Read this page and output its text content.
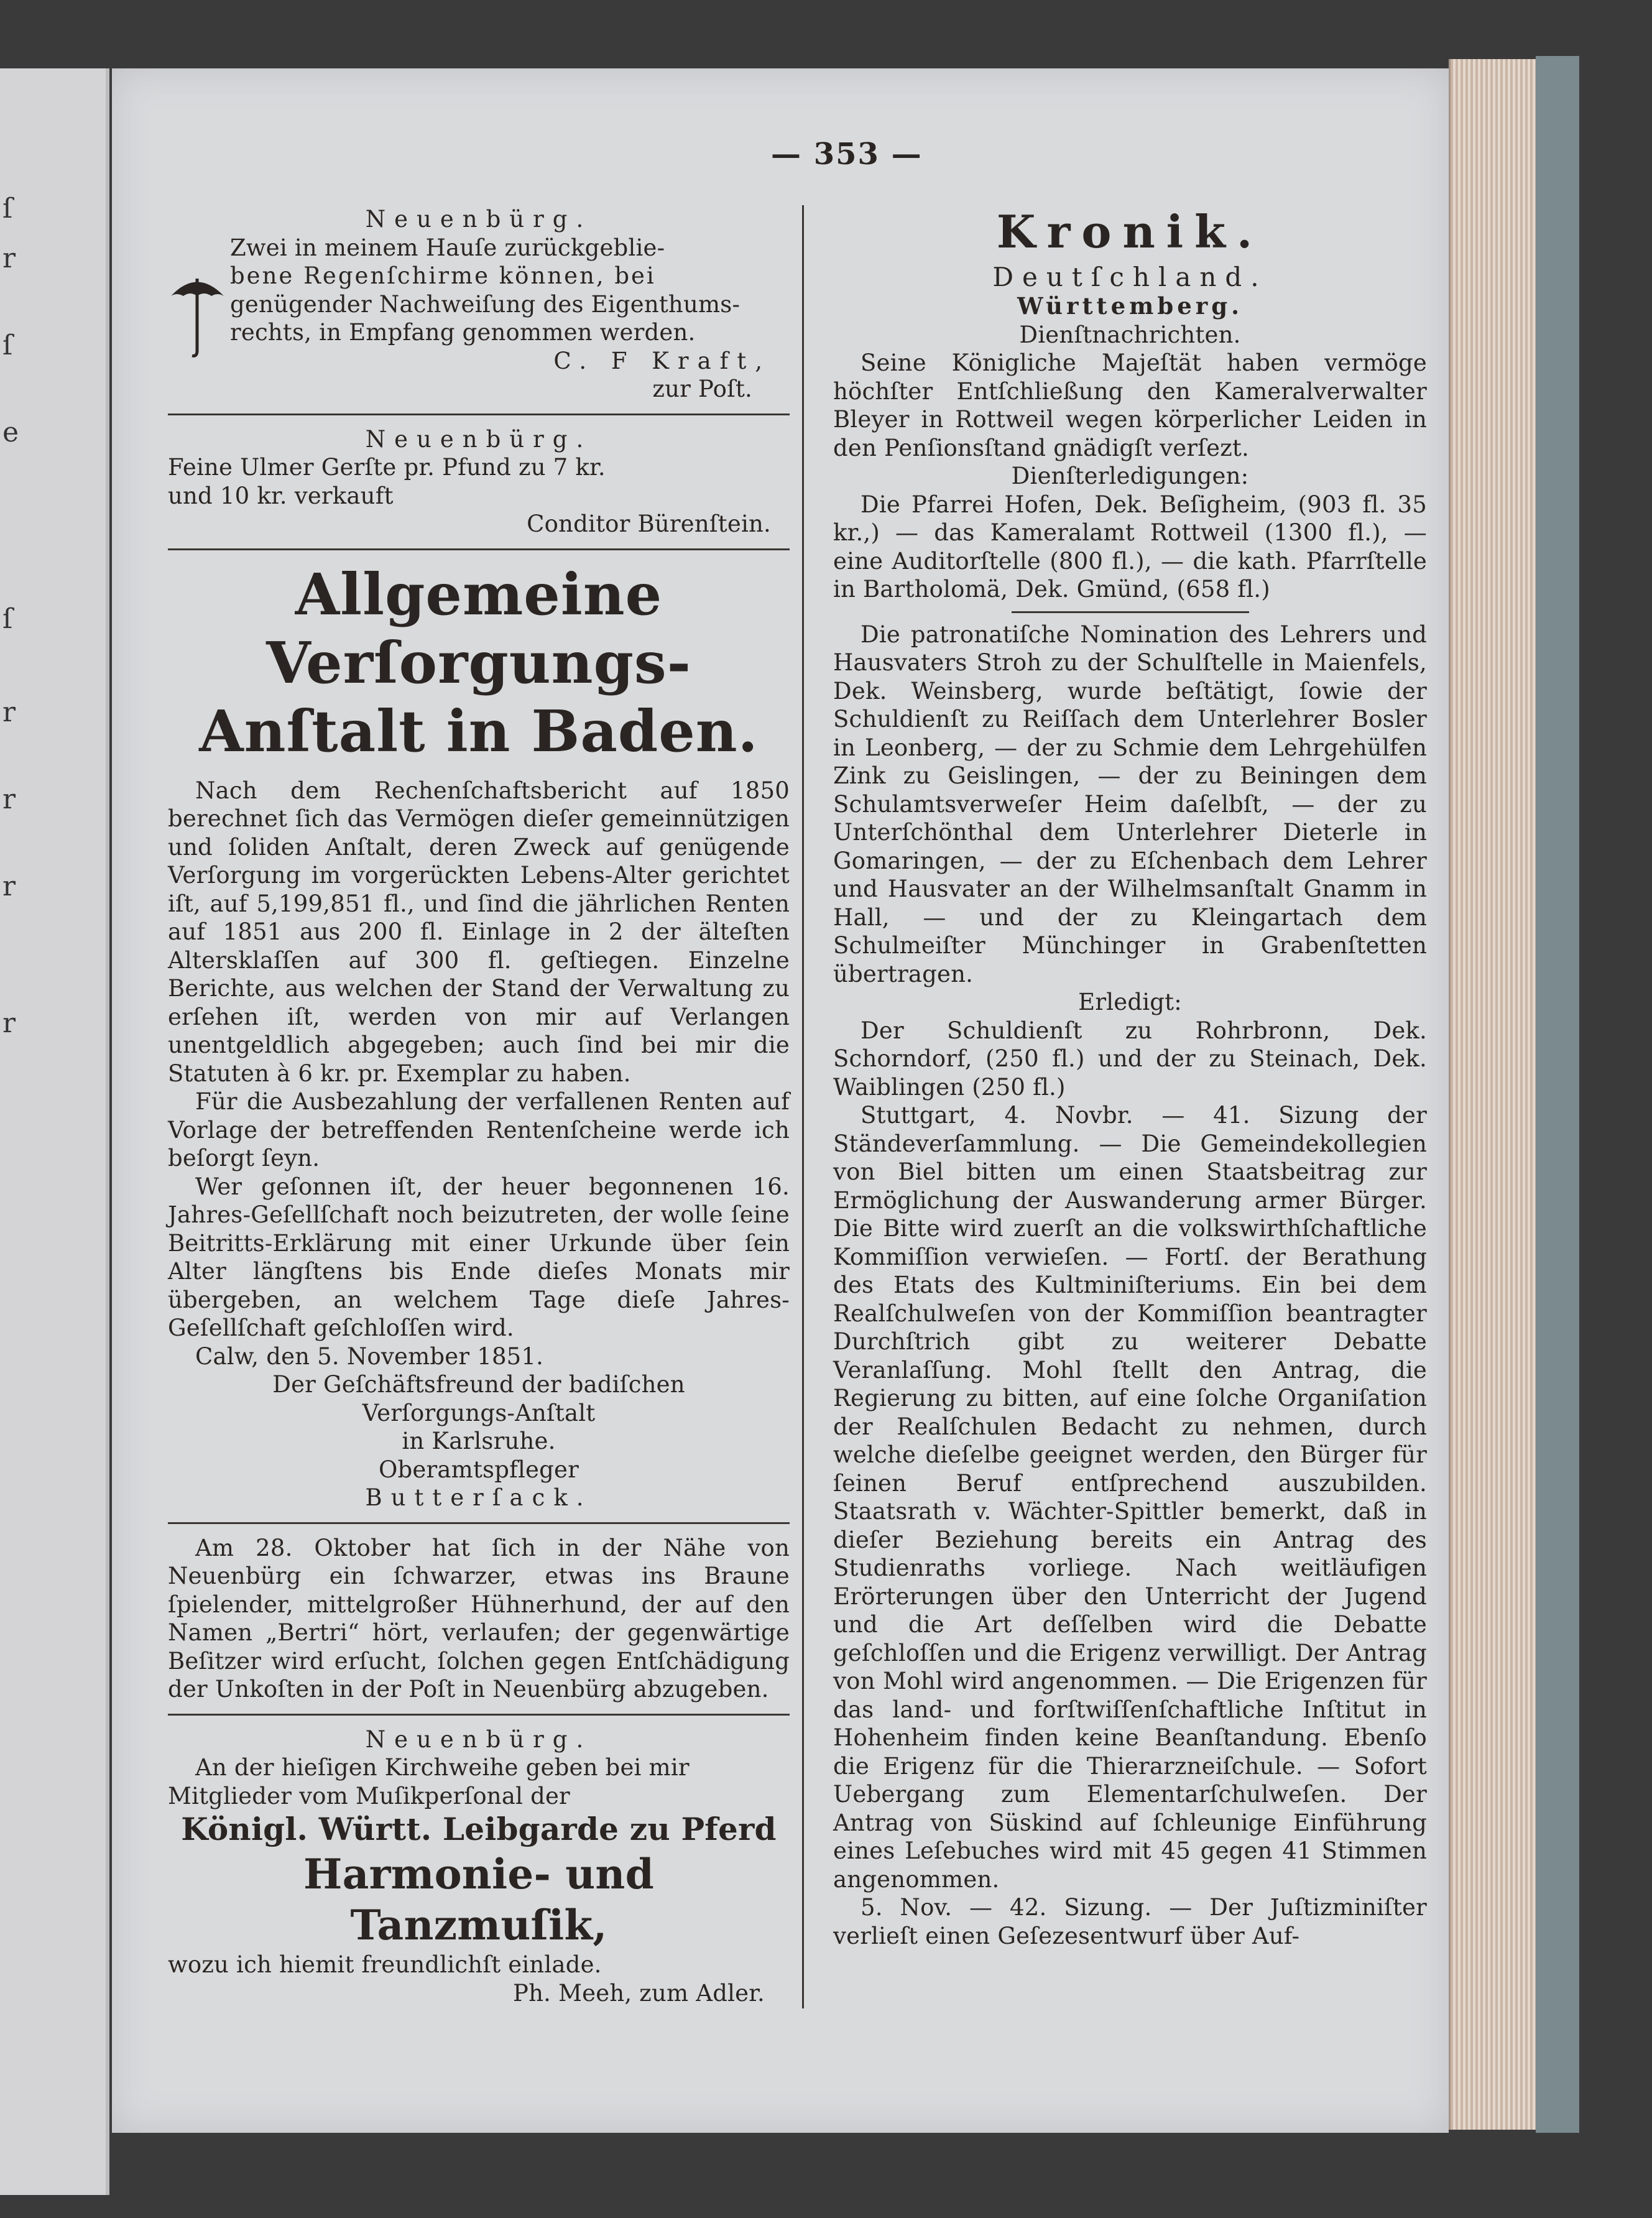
ſ
r
ſ
e
ſ
r
r
r
r
— 353 —
Neuenbürg.
Zwei in meinem Hauſe zurückgeblie-
bene Regenſchirme können, bei
genügender Nachweiſung des Eigenthums-
rechts, in Empfang genommen werden.
C. F Kraft,
zur Poſt.
Neuenbürg.
Feine Ulmer Gerſte pr. Pfund zu 7 kr.
und 10 kr. verkauft
Conditor Bürenſtein.
Allgemeine Verſorgungs-Anſtalt in Baden.

Nach dem Rechenſchaftsbericht auf 1850 berechnet ſich das Vermögen dieſer gemeinnützigen und ſoliden Anſtalt, deren Zweck auf genügende Verſorgung im vorgerückten Lebens-Alter gerichtet iſt, auf 5,199,851 fl., und ſind die jährlichen Renten auf 1851 aus 200 fl. Einlage in 2 der älteſten Altersklaſſen auf 300 fl. geſtiegen. Einzelne Berichte, aus welchen der Stand der Verwaltung zu erſehen iſt, werden von mir auf Verlangen unentgeldlich abgegeben; auch ſind bei mir die Statuten à 6 kr. pr. Exemplar zu haben.

Für die Ausbezahlung der verfallenen Renten auf Vorlage der betreffenden Rentenſcheine werde ich beſorgt ſeyn.

Wer geſonnen iſt, der heuer begonnenen 16. Jahres-Geſellſchaft noch beizutreten, der wolle ſeine Beitritts-Erklärung mit einer Urkunde über ſein Alter längſtens bis Ende dieſes Monats mir übergeben, an welchem Tage dieſe Jahres-Geſellſchaft geſchloſſen wird.

Calw, den 5. November 1851.
Der Geſchäftsfreund der badiſchen
Verſorgungs-Anſtalt
in Karlsruhe.
Oberamtspfleger
Butterſack.

Am 28. Oktober hat ſich in der Nähe von Neuenbürg ein ſchwarzer, etwas ins Braune ſpielender, mittelgroßer Hühnerhund, der auf den Namen „Bertri“ hört, verlaufen; der gegenwärtige Beſitzer wird erſucht, ſolchen gegen Entſchädigung der Unkoſten in der Poſt in Neuenbürg abzugeben.

Neuenbürg.
An der hieſigen Kirchweihe geben bei mir
Mitglieder vom Muſikperſonal der
Königl. Württ. Leibgarde zu Pferd
Harmonie- und Tanzmuſik,
wozu ich hiemit freundlichſt einlade.
Ph. Meeh, zum Adler.
Kronik.
Deutſchland.
Württemberg.
Dienſtnachrichten.

Seine Königliche Majeſtät haben vermöge höchſter Entſchließung den Kameralverwalter Bleyer in Rottweil wegen körperlicher Leiden in den Penſionsſtand gnädigſt verſezt.

Dienſterledigungen:

Die Pfarrei Hofen, Dek. Beſigheim, (903 fl. 35 kr.,) — das Kameralamt Rottweil (1300 fl.), — eine Auditorſtelle (800 fl.), — die kath. Pfarrſtelle in Bartholomä, Dek. Gmünd, (658 fl.)

Die patronatiſche Nomination des Lehrers und Hausvaters Stroh zu der Schulſtelle in Maienfels, Dek. Weinsberg, wurde beſtätigt, ſowie der Schuldienſt zu Reiſſach dem Unterlehrer Bosler in Leonberg, — der zu Schmie dem Lehrgehülfen Zink zu Geislingen, — der zu Beiningen dem Schulamtsverweſer Heim daſelbſt, — der zu Unterſchönthal dem Unterlehrer Dieterle in Gomaringen, — der zu Eſchenbach dem Lehrer und Hausvater an der Wilhelmsanſtalt Gnamm in Hall, — und der zu Kleingartach dem Schulmeiſter Münchinger in Grabenſtetten übertragen.

Erledigt:

Der Schuldienſt zu Rohrbronn, Dek. Schorndorf, (250 fl.) und der zu Steinach, Dek. Waiblingen (250 fl.)

Stuttgart, 4. Novbr. — 41. Sizung der Ständeverſammlung. — Die Gemeindekollegien von Biel bitten um einen Staatsbeitrag zur Ermöglichung der Auswanderung armer Bürger. Die Bitte wird zuerſt an die volkswirthſchaftliche Kommiſſion verwieſen. — Fortſ. der Berathung des Etats des Kultminiſteriums. Ein bei dem Realſchulweſen von der Kommiſſion beantragter Durchſtrich gibt zu weiterer Debatte Veranlaſſung. Mohl ſtellt den Antrag, die Regierung zu bitten, auf eine ſolche Organiſation der Realſchulen Bedacht zu nehmen, durch welche dieſelbe geeignet werden, den Bürger für ſeinen Beruf entſprechend auszubilden. Staatsrath v. Wächter-Spittler bemerkt, daß in dieſer Beziehung bereits ein Antrag des Studienraths vorliege. Nach weitläufigen Erörterungen über den Unterricht der Jugend und die Art deſſelben wird die Debatte geſchloſſen und die Erigenz verwilligt. Der Antrag von Mohl wird angenommen. — Die Erigenzen für das land- und forſtwiſſenſchaftliche Inſtitut in Hohenheim finden keine Beanſtandung. Ebenſo die Erigenz für die Thierarzneiſchule. — Sofort Uebergang zum Elementarſchulweſen. Der Antrag von Süskind auf ſchleunige Einführung eines Leſebuches wird mit 45 gegen 41 Stimmen angenommen.

5. Nov. — 42. Sizung. — Der Juſtizminiſter verlieſt einen Geſezesentwurf über Auf-
